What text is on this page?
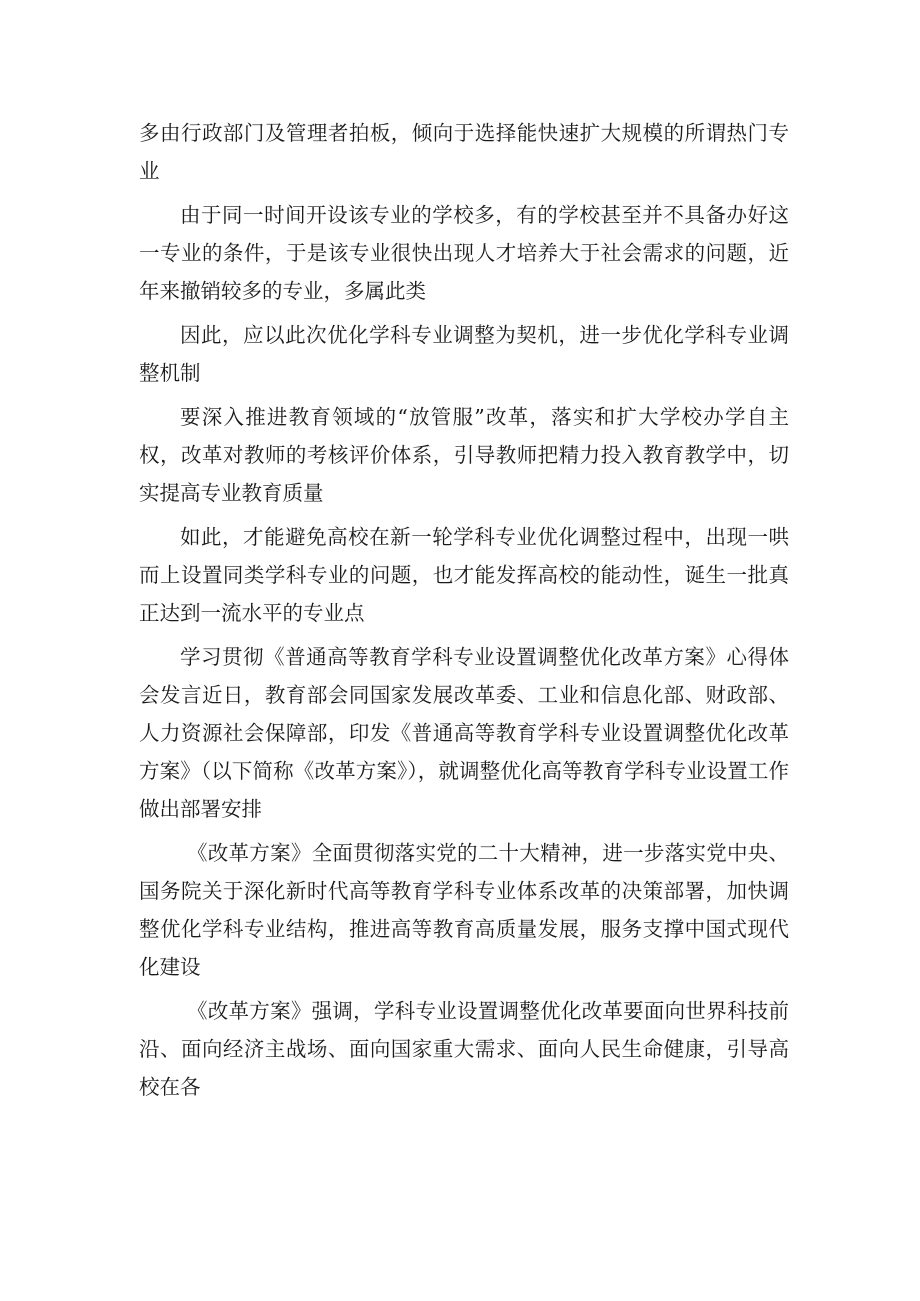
多由行政部门及管理者拍板，倾向于选择能快速扩大规模的所谓热门专业

由于同一时间开设该专业的学校多，有的学校甚至并不具备办好这一专业的条件，于是该专业很快出现人才培养大于社会需求的问题，近年来撤销较多的专业，多属此类

因此，应以此次优化学科专业调整为契机，进一步优化学科专业调整机制

要深入推进教育领域的“放管服”改革，落实和扩大学校办学自主权，改革对教师的考核评价体系，引导教师把精力投入教育教学中，切实提高专业教育质量

如此，才能避免高校在新一轮学科专业优化调整过程中，出现一哄而上设置同类学科专业的问题，也才能发挥高校的能动性，诞生一批真正达到一流水平的专业点

学习贯彻《普通高等教育学科专业设置调整优化改革方案》心得体会发言近日，教育部会同国家发展改革委、工业和信息化部、财政部、人力资源社会保障部，印发《普通高等教育学科专业设置调整优化改革方案》（以下简称《改革方案》），就调整优化高等教育学科专业设置工作做出部署安排

《改革方案》全面贯彻落实党的二十大精神，进一步落实党中央、国务院关于深化新时代高等教育学科专业体系改革的决策部署，加快调整优化学科专业结构，推进高等教育高质量发展，服务支撑中国式现代化建设

《改革方案》强调，学科专业设置调整优化改革要面向世界科技前沿、面向经济主战场、面向国家重大需求、面向人民生命健康，引导高校在各
